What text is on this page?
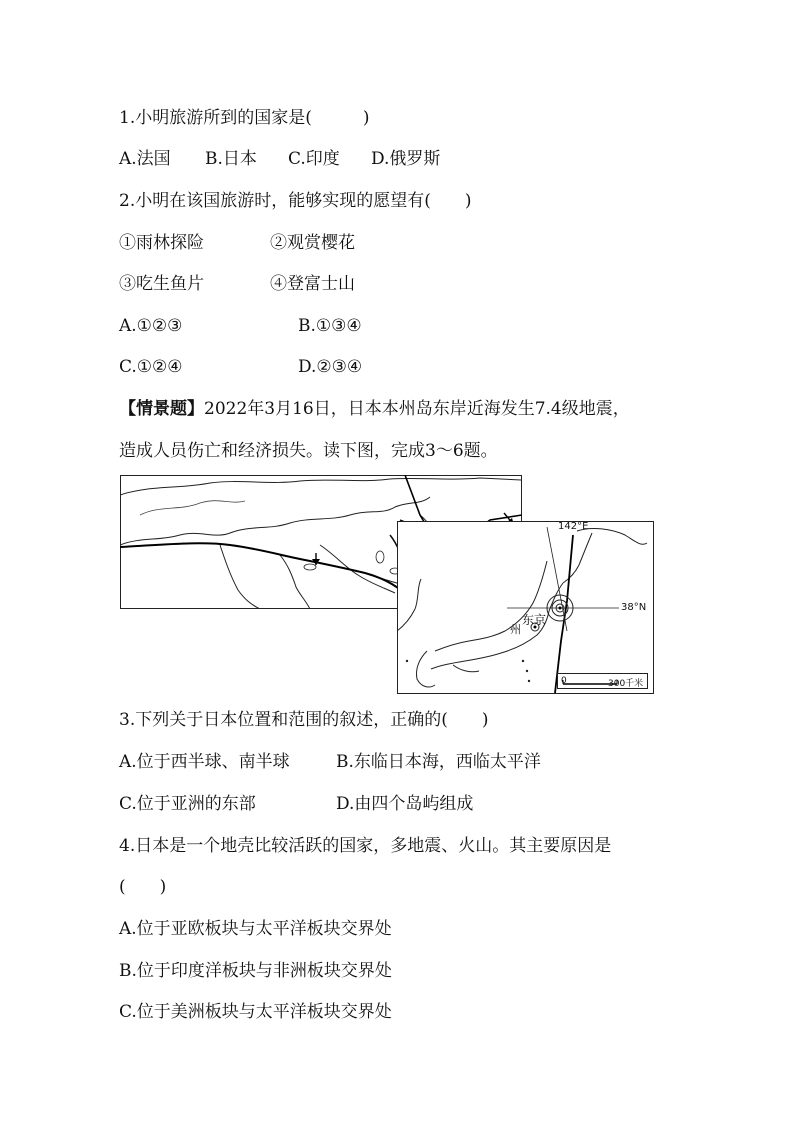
1.小明旅游所到的国家是(　　　)
A.法国 B.日本 C.印度 D.俄罗斯
2.小明在该国旅游时，能够实现的愿望有(　　)
①雨林探险	②观赏樱花
③吃生鱼片	④登富士山
A.①②③	B.①③④
C.①②④	D.②③④
【情景题】2022年3月16日，日本本州岛东岸近海发生7.4级地震，
造成人员伤亡和经济损失。读下图，完成3～6题。
142°E
38°N
东京
州
0	300千米
3.下列关于日本位置和范围的叙述，正确的(　　)
A.位于西半球、南半球	B.东临日本海，西临太平洋
C.位于亚洲的东部	D.由四个岛屿组成
4.日本是一个地壳比较活跃的国家，多地震、火山。其主要原因是
(　　)
A.位于亚欧板块与太平洋板块交界处
B.位于印度洋板块与非洲板块交界处
C.位于美洲板块与太平洋板块交界处
